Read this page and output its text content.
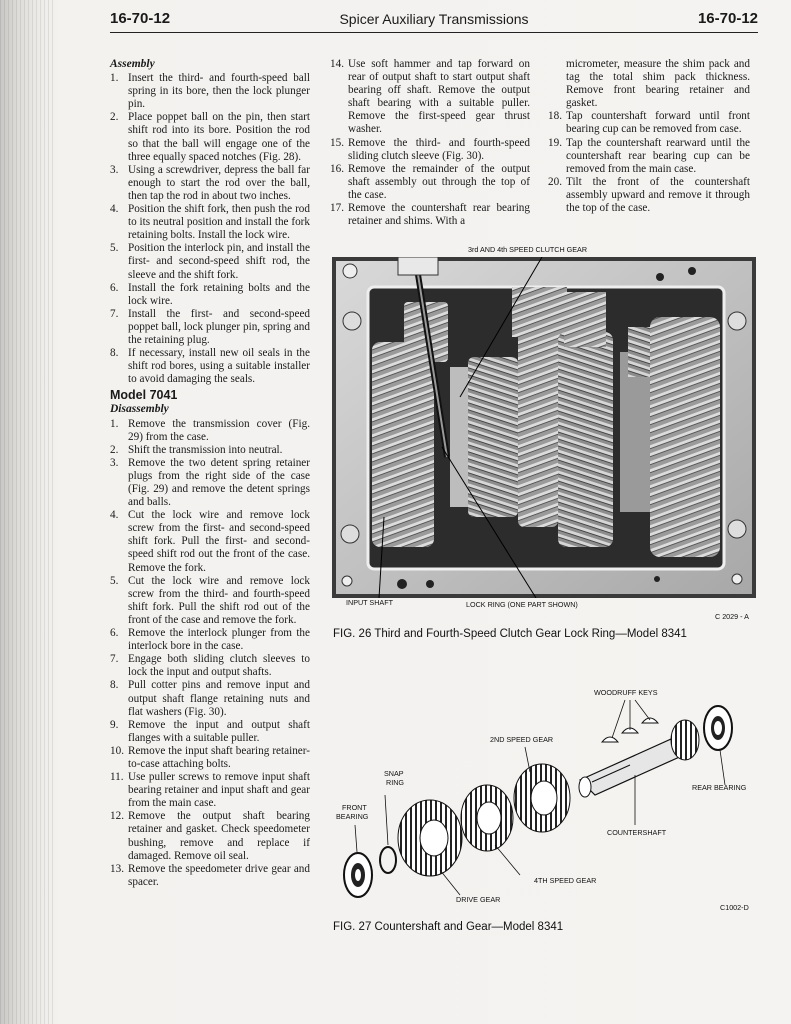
16-70-12	Spicer Auxiliary Transmissions	16-70-12
Assembly
1. Insert the third- and fourth-speed ball spring in its bore, then the lock plunger pin.
2. Place poppet ball on the pin, then start shift rod into its bore. Position the rod so that the ball will engage one of the three equally spaced notches (Fig. 28).
3. Using a screwdriver, depress the ball far enough to start the rod over the ball, then tap the rod in about two inches.
4. Position the shift fork, then push the rod to its neutral position and install the fork retaining bolts. Install the lock wire.
5. Position the interlock pin, and install the first- and second-speed shift rod, the sleeve and the shift fork.
6. Install the fork retaining bolts and the lock wire.
7. Install the first- and second-speed poppet ball, lock plunger pin, spring and the retaining plug.
8. If necessary, install new oil seals in the shift rod bores, using a suitable installer to avoid damaging the seals.
Model 7041
Disassembly
1. Remove the transmission cover (Fig. 29) from the case.
2. Shift the transmission into neutral.
3. Remove the two detent spring retainer plugs from the right side of the case (Fig. 29) and remove the detent springs and balls.
4. Cut the lock wire and remove lock screw from the first- and second-speed shift fork. Pull the first- and second-speed shift rod out the front of the case. Remove the fork.
5. Cut the lock wire and remove lock screw from the third- and fourth-speed shift fork. Pull the shift rod out of the front of the case and remove the fork.
6. Remove the interlock plunger from the interlock bore in the case.
7. Engage both sliding clutch sleeves to lock the input and output shafts.
8. Pull cotter pins and remove input and output shaft flange retaining nuts and flat washers (Fig. 30).
9. Remove the input and output shaft flanges with a suitable puller.
10. Remove the input shaft bearing retainer-to-case attaching bolts.
11. Use puller screws to remove input shaft bearing retainer and input shaft and gear from the main case.
12. Remove the output shaft bearing retainer and gasket. Check speedometer bushing, remove and replace if damaged. Remove oil seal.
13. Remove the speedometer drive gear and spacer.
14. Use soft hammer and tap forward on rear of output shaft to start output shaft bearing off shaft. Remove the output shaft bearing with a suitable puller. Remove the first-speed gear thrust washer.
15. Remove the third- and fourth-speed sliding clutch sleeve (Fig. 30).
16. Remove the remainder of the output shaft assembly out through the top of the case.
17. Remove the countershaft rear bearing retainer and shims. With a
micrometer, measure the shim pack and tag the total shim pack thickness. Remove front bearing retainer and gasket.
18. Tap countershaft forward until front bearing cup can be removed from case.
19. Tap the countershaft rearward until the countershaft rear bearing cup can be removed from the main case.
20. Tilt the front of the countershaft assembly upward and remove it through the top of the case.
3rd AND 4th SPEED CLUTCH GEAR
INPUT SHAFT	LOCK RING (ONE PART SHOWN)
C 2029 - A
FIG. 26 Third and Fourth-Speed Clutch Gear Lock Ring—Model 8341
WOODRUFF KEYS
2ND SPEED GEAR
SNAP
RING
REAR BEARING
FRONT
BEARING
COUNTERSHAFT
4TH SPEED GEAR
DRIVE GEAR
C1002-D
FIG. 27 Countershaft and Gear—Model 8341
